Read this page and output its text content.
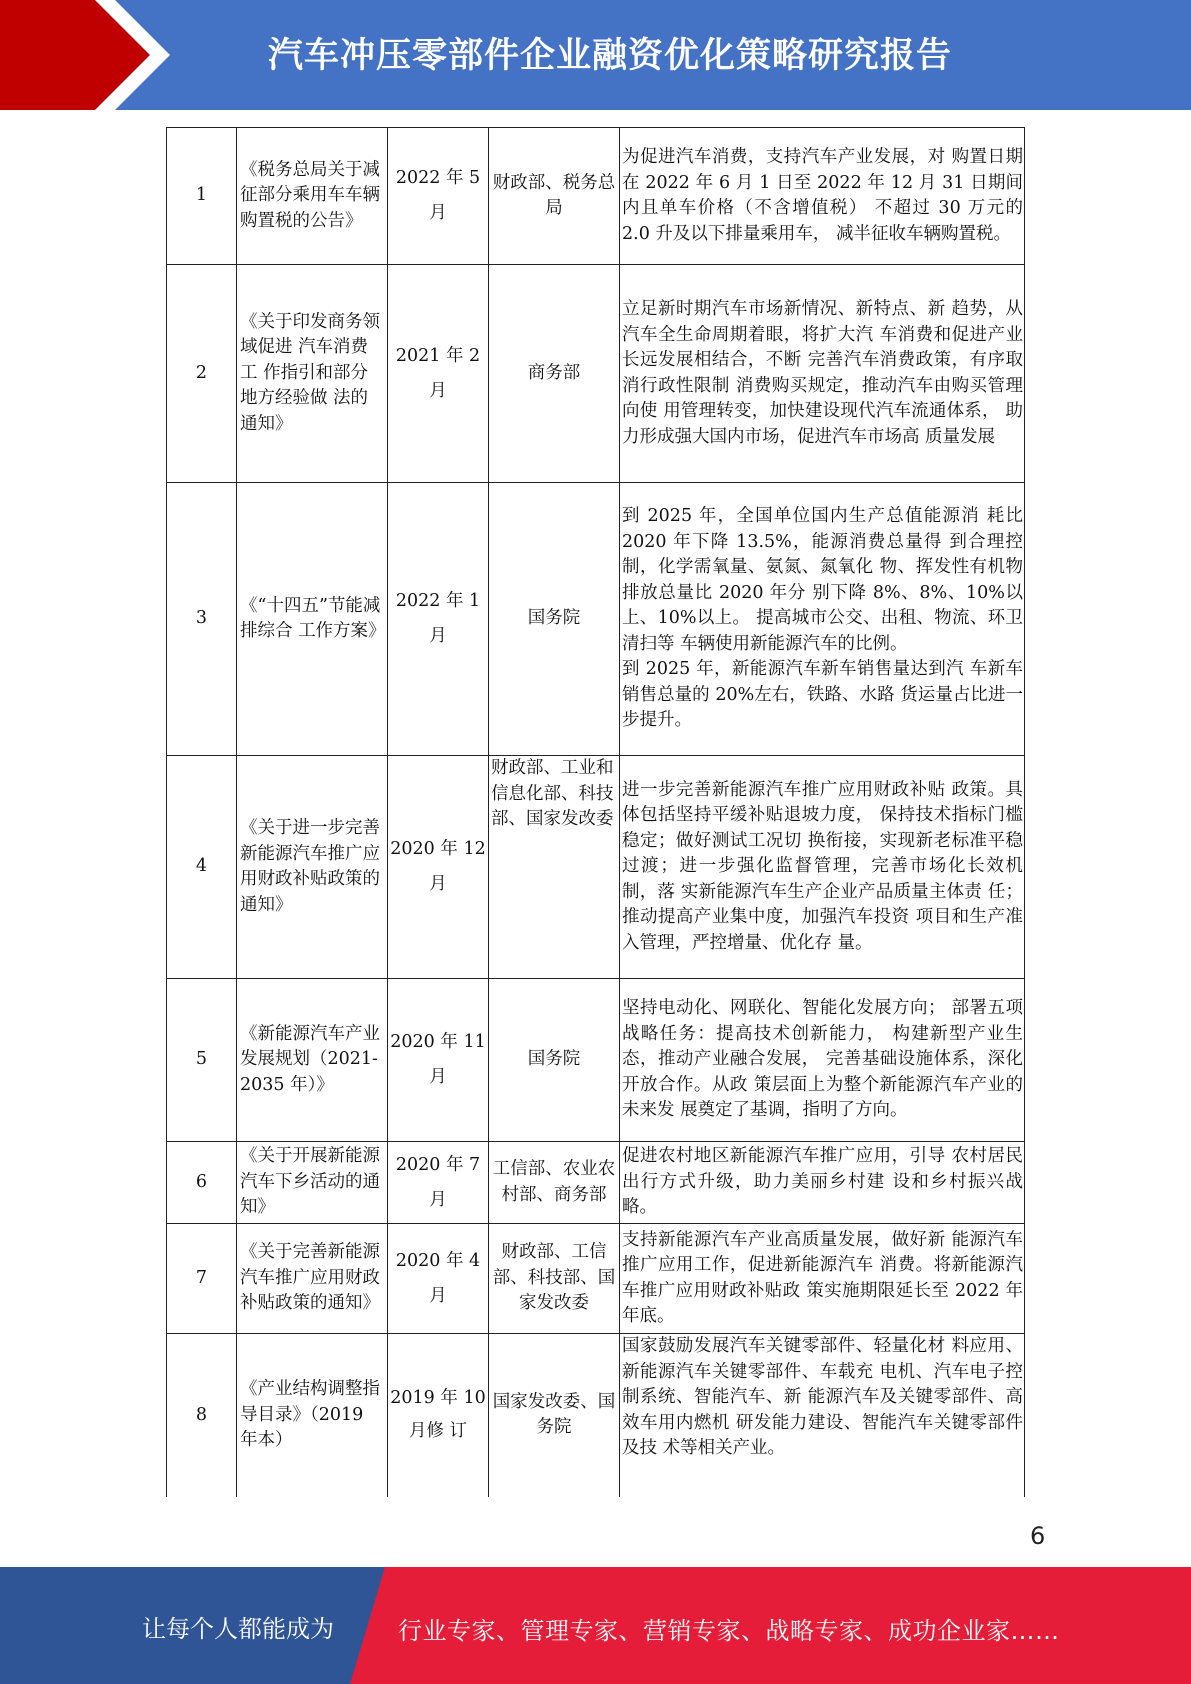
汽车冲压零部件企业融资优化策略研究报告
1	《税务总局关于减征部分乘用车车辆购置税的公告》	2022 年 5 月	财政部、税务总局	为促进汽车消费，支持汽车产业发展，对 购置日期在 2022 年 6 月 1 日至 2022 年 12 月 31 日期间内且单车价格（不含增值税） 不超过 30 万元的 2.0 升及以下排量乘用车， 减半征收车辆购置税。
2	《关于印发商务领域促进 汽车消费工 作指引和部分 地方经验做 法的通知》	2021 年 2 月	商务部	立足新时期汽车市场新情况、新特点、新 趋势，从汽车全生命周期着眼，将扩大汽 车消费和促进产业长远发展相结合，不断 完善汽车消费政策，有序取消行政性限制 消费购买规定，推动汽车由购买管理向使 用管理转变，加快建设现代汽车流通体系， 助力形成强大国内市场，促进汽车市场高 质量发展
3	《“十四五”节能减排综合 工作方案》	2022 年 1 月	国务院	到 2025 年，全国单位国内生产总值能源消 耗比 2020 年下降 13.5%，能源消费总量得 到合理控制，化学需氧量、氨氮、氮氧化 物、挥发性有机物排放总量比 2020 年分 别下降 8%、8%、10%以上、10%以上。 提高城市公交、出租、物流、环卫清扫等 车辆使用新能源汽车的比例。
到 2025 年，新能源汽车新车销售量达到汽 车新车销售总量的 20%左右，铁路、水路 货运量占比进一步提升。

4	《关于进一步完善新能源汽车推广应用财政补贴政策的通知》	2020 年 12 月	财政部、工业和信息化部、科技部、国家发改委	进一步完善新能源汽车推广应用财政补贴 政策。具体包括坚持平缓补贴退坡力度， 保持技术指标门槛稳定；做好测试工况切 换衔接，实现新老标准平稳过渡；进一步强化监督管理，完善市场化长效机制，落 实新能源汽车生产企业产品质量主体责 任；推动提高产业集中度，加强汽车投资 项目和生产准入管理，严控增量、优化存 量。
5	《新能源汽车产业发展规划（2021-2035 年）》	2020 年 11 月	国务院	坚持电动化、网联化、智能化发展方向； 部署五项战略任务：提高技术创新能力， 构建新型产业生态，推动产业融合发展， 完善基础设施体系，深化开放合作。从政 策层面上为整个新能源汽车产业的未来发 展奠定了基调，指明了方向。
6	《关于开展新能源汽车下乡活动的通知》	2020 年 7 月	工信部、农业农村部、商务部	促进农村地区新能源汽车推广应用，引导 农村居民出行方式升级，助力美丽乡村建 设和乡村振兴战略。
7	《关于完善新能源汽车推广应用财政补贴政策的通知》	2020 年 4 月	财政部、工信部、科技部、国家发改委	支持新能源汽车产业高质量发展，做好新 能源汽车推广应用工作，促进新能源汽车 消费。将新能源汽车推广应用财政补贴政 策实施期限延长至 2022 年年底。
8	《产业结构调整指导目录》（2019 年本）	2019 年 10 月修 订	国家发改委、国务院	国家鼓励发展汽车关键零部件、轻量化材 料应用、新能源汽车关键零部件、车载充 电机、汽车电子控制系统、智能汽车、新 能源汽车及关键零部件、高效车用内燃机 研发能力建设、智能汽车关键零部件及技 术等相关产业。
6
让每个人都能成为	行业专家、管理专家、营销专家、战略专家、成功企业家……
